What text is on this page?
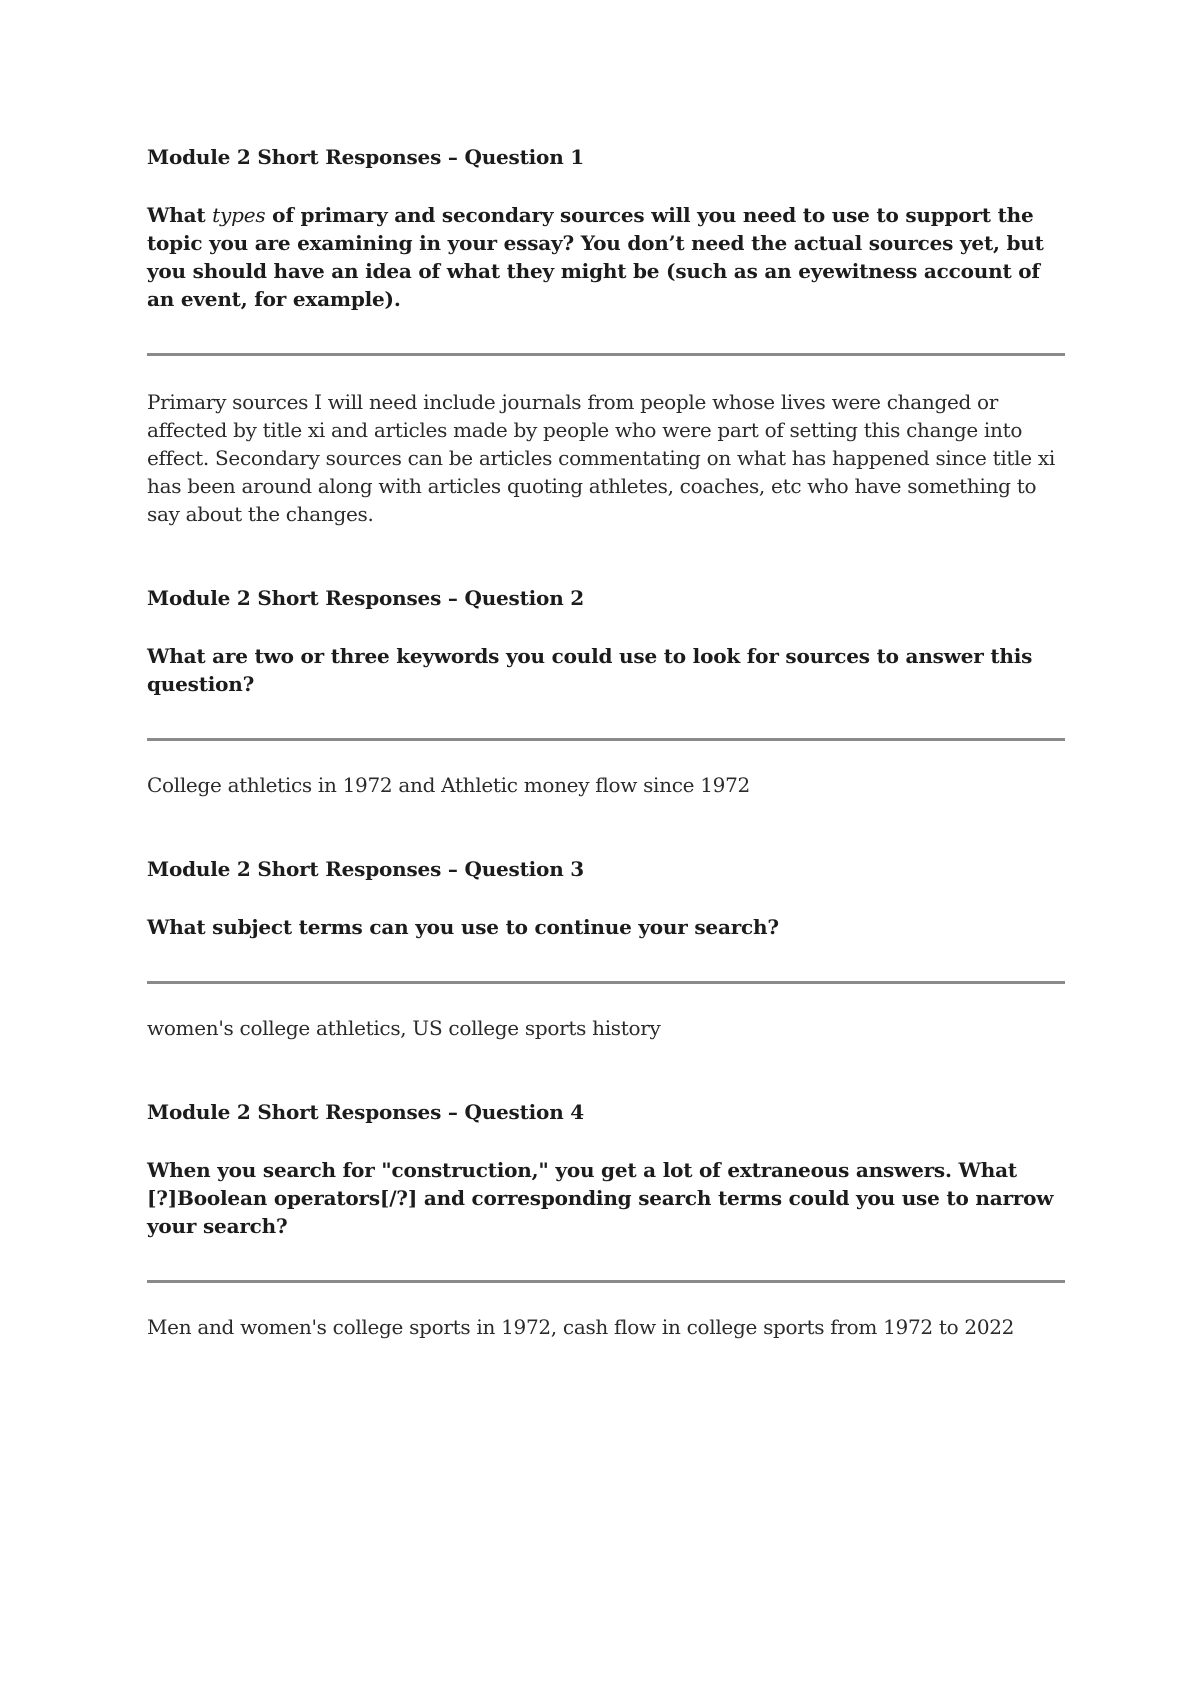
Module 2 Short Responses – Question 1
What types of primary and secondary sources will you need to use to support the topic you are examining in your essay? You don’t need the actual sources yet, but you should have an idea of what they might be (such as an eyewitness account of an event, for example).
Primary sources I will need include journals from people whose lives were changed or affected by title xi and articles made by people who were part of setting this change into effect. Secondary sources can be articles commentating on what has happened since title xi has been around along with articles quoting athletes, coaches, etc who have something to say about the changes.
Module 2 Short Responses – Question 2
What are two or three keywords you could use to look for sources to answer this question?
College athletics in 1972 and Athletic money flow since 1972
Module 2 Short Responses – Question 3
What subject terms can you use to continue your search?
women's college athletics, US college sports history
Module 2 Short Responses – Question 4
When you search for "construction," you get a lot of extraneous answers. What [?]Boolean operators[/?] and corresponding search terms could you use to narrow your search?
Men and women's college sports in 1972, cash flow in college sports from 1972 to 2022
